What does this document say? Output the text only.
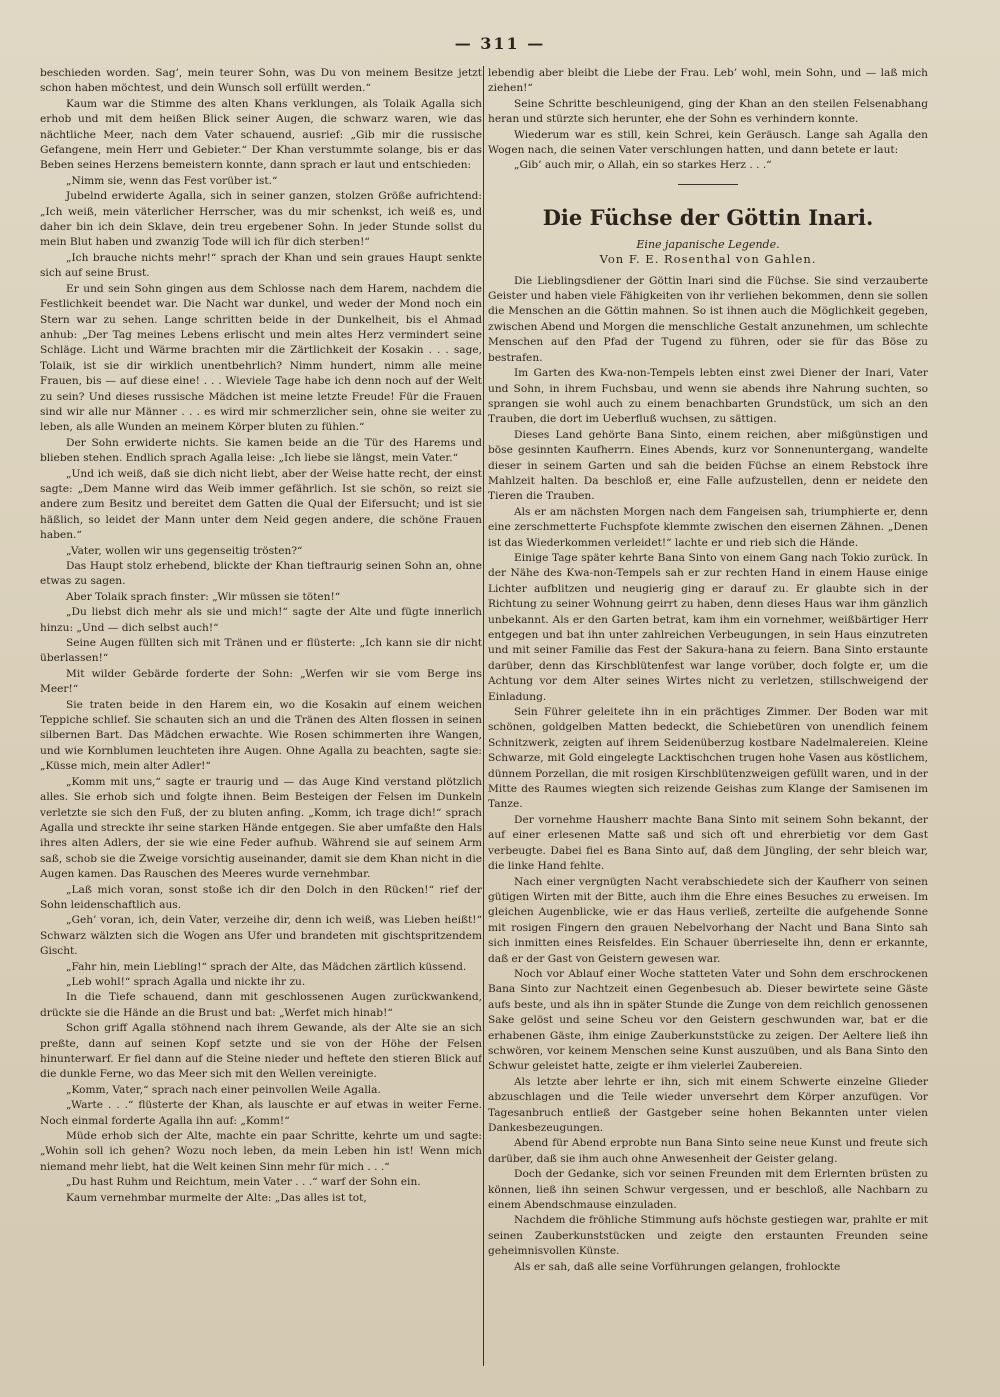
— 311 —

beschieden worden. Sag’, mein teurer Sohn, was Du von meinem Besitze jetzt schon haben möchtest, und dein Wunsch soll erfüllt werden.“

Kaum war die Stimme des alten Khans verklungen, als Tolaik Agalla sich erhob und mit dem heißen Blick seiner Augen, die schwarz waren, wie das nächtliche Meer, nach dem Vater schauend, ausrief: „Gib mir die russische Gefangene, mein Herr und Gebieter.“ Der Khan verstummte solange, bis er das Beben seines Herzens bemeistern konnte, dann sprach er laut und entschieden:

„Nimm sie, wenn das Fest vorüber ist.“

Jubelnd erwiderte Agalla, sich in seiner ganzen, stolzen Größe aufrichtend: „Ich weiß, mein väterlicher Herrscher, was du mir schenkst, ich weiß es, und daher bin ich dein Sklave, dein treu ergebener Sohn. In jeder Stunde sollst du mein Blut haben und zwanzig Tode will ich für dich sterben!“

„Ich brauche nichts mehr!“ sprach der Khan und sein graues Haupt senkte sich auf seine Brust.

Er und sein Sohn gingen aus dem Schlosse nach dem Harem, nachdem die Festlichkeit beendet war. Die Nacht war dunkel, und weder der Mond noch ein Stern war zu sehen. Lange schritten beide in der Dunkelheit, bis el Ahmad anhub: „Der Tag meines Lebens erlischt und mein altes Herz vermindert seine Schläge. Licht und Wärme brachten mir die Zärtlichkeit der Kosakin . . . sage, Tolaik, ist sie dir wirklich unentbehrlich? Nimm hundert, nimm alle meine Frauen, bis — auf diese eine! . . . Wieviele Tage habe ich denn noch auf der Welt zu sein? Und dieses russische Mädchen ist meine letzte Freude! Für die Frauen sind wir alle nur Männer . . . es wird mir schmerzlicher sein, ohne sie weiter zu leben, als alle Wunden an meinem Körper bluten zu fühlen.“

Der Sohn erwiderte nichts. Sie kamen beide an die Tür des Harems und blieben stehen. Endlich sprach Agalla leise: „Ich liebe sie längst, mein Vater.“

„Und ich weiß, daß sie dich nicht liebt, aber der Weise hatte recht, der einst sagte: „Dem Manne wird das Weib immer gefährlich. Ist sie schön, so reizt sie andere zum Besitz und bereitet dem Gatten die Qual der Eifersucht; und ist sie häßlich, so leidet der Mann unter dem Neid gegen andere, die schöne Frauen haben.“

„Vater, wollen wir uns gegenseitig trösten?“

Das Haupt stolz erhebend, blickte der Khan tieftraurig seinen Sohn an, ohne etwas zu sagen.

Aber Tolaik sprach finster: „Wir müssen sie töten!“

„Du liebst dich mehr als sie und mich!“ sagte der Alte und fügte innerlich hinzu: „Und — dich selbst auch!“

Seine Augen füllten sich mit Tränen und er flüsterte: „Ich kann sie dir nicht überlassen!“

Mit wilder Gebärde forderte der Sohn: „Werfen wir sie vom Berge ins Meer!“

Sie traten beide in den Harem ein, wo die Kosakin auf einem weichen Teppiche schlief. Sie schauten sich an und die Tränen des Alten flossen in seinen silbernen Bart. Das Mädchen erwachte. Wie Rosen schimmerten ihre Wangen, und wie Kornblumen leuchteten ihre Augen. Ohne Agalla zu beachten, sagte sie: „Küsse mich, mein alter Adler!“

„Komm mit uns,“ sagte er traurig und — das Auge Kind verstand plötzlich alles. Sie erhob sich und folgte ihnen. Beim Besteigen der Felsen im Dunkeln verletzte sie sich den Fuß, der zu bluten anfing. „Komm, ich trage dich!“ sprach Agalla und streckte ihr seine starken Hände entgegen. Sie aber umfaßte den Hals ihres alten Adlers, der sie wie eine Feder aufhub. Während sie auf seinem Arm saß, schob sie die Zweige vorsichtig auseinander, damit sie dem Khan nicht in die Augen kamen. Das Rauschen des Meeres wurde vernehmbar.

„Laß mich voran, sonst stoße ich dir den Dolch in den Rücken!“ rief der Sohn leidenschaftlich aus.

„Geh’ voran, ich, dein Vater, verzeihe dir, denn ich weiß, was Lieben heißt!“ Schwarz wälzten sich die Wogen ans Ufer und brandeten mit gischtspritzendem Gischt.

„Fahr hin, mein Liebling!“ sprach der Alte, das Mädchen zärtlich küssend.

„Leb wohl!“ sprach Agalla und nickte ihr zu.

In die Tiefe schauend, dann mit geschlossenen Augen zurückwankend, drückte sie die Hände an die Brust und bat: „Werfet mich hinab!“

Schon griff Agalla stöhnend nach ihrem Gewande, als der Alte sie an sich preßte, dann auf seinen Kopf setzte und sie von der Höhe der Felsen hinunterwarf. Er fiel dann auf die Steine nieder und heftete den stieren Blick auf die dunkle Ferne, wo das Meer sich mit den Wellen vereinigte.

„Komm, Vater,“ sprach nach einer peinvollen Weile Agalla.

„Warte . . .“ flüsterte der Khan, als lauschte er auf etwas in weiter Ferne. Noch einmal forderte Agalla ihn auf: „Komm!“

Müde erhob sich der Alte, machte ein paar Schritte, kehrte um und sagte: „Wohin soll ich gehen? Wozu noch leben, da mein Leben hin ist! Wenn mich niemand mehr liebt, hat die Welt keinen Sinn mehr für mich . . .“

„Du hast Ruhm und Reichtum, mein Vater . . .“ warf der Sohn ein.

Kaum vernehmbar murmelte der Alte: „Das alles ist tot,

lebendig aber bleibt die Liebe der Frau. Leb’ wohl, mein Sohn, und — laß mich ziehen!“

Seine Schritte beschleunigend, ging der Khan an den steilen Felsenabhang heran und stürzte sich herunter, ehe der Sohn es verhindern konnte.

Wiederum war es still, kein Schrei, kein Geräusch. Lange sah Agalla den Wogen nach, die seinen Vater verschlungen hatten, und dann betete er laut:

„Gib’ auch mir, o Allah, ein so starkes Herz . . .“

Die Füchse der Göttin Inari.
Eine japanische Legende.
Von F. E. Rosenthal von Gahlen.

Die Lieblingsdiener der Göttin Inari sind die Füchse. Sie sind verzauberte Geister und haben viele Fähigkeiten von ihr verliehen bekommen, denn sie sollen die Menschen an die Göttin mahnen. So ist ihnen auch die Möglichkeit gegeben, zwischen Abend und Morgen die menschliche Gestalt anzunehmen, um schlechte Menschen auf den Pfad der Tugend zu führen, oder sie für das Böse zu bestrafen.

Im Garten des Kwa-non-Tempels lebten einst zwei Diener der Inari, Vater und Sohn, in ihrem Fuchsbau, und wenn sie abends ihre Nahrung suchten, so sprangen sie wohl auch zu einem benachbarten Grundstück, um sich an den Trauben, die dort im Ueberfluß wuchsen, zu sättigen.

Dieses Land gehörte Bana Sinto, einem reichen, aber mißgünstigen und böse gesinnten Kaufherrn. Eines Abends, kurz vor Sonnenuntergang, wandelte dieser in seinem Garten und sah die beiden Füchse an einem Rebstock ihre Mahlzeit halten. Da beschloß er, eine Falle aufzustellen, denn er neidete den Tieren die Trauben.

Als er am nächsten Morgen nach dem Fangeisen sah, triumphierte er, denn eine zerschmetterte Fuchspfote klemmte zwischen den eisernen Zähnen. „Denen ist das Wiederkommen verleidet!“ lachte er und rieb sich die Hände.

Einige Tage später kehrte Bana Sinto von einem Gang nach Tokio zurück. In der Nähe des Kwa-non-Tempels sah er zur rechten Hand in einem Hause einige Lichter aufblitzen und neugierig ging er darauf zu. Er glaubte sich in der Richtung zu seiner Wohnung geirrt zu haben, denn dieses Haus war ihm gänzlich unbekannt. Als er den Garten betrat, kam ihm ein vornehmer, weißbärtiger Herr entgegen und bat ihn unter zahlreichen Verbeugungen, in sein Haus einzutreten und mit seiner Familie das Fest der Sakura-hana zu feiern. Bana Sinto erstaunte darüber, denn das Kirschblütenfest war lange vorüber, doch folgte er, um die Achtung vor dem Alter seines Wirtes nicht zu verletzen, stillschweigend der Einladung.

Sein Führer geleitete ihn in ein prächtiges Zimmer. Der Boden war mit schönen, goldgelben Matten bedeckt, die Schiebetüren von unendlich feinem Schnitzwerk, zeigten auf ihrem Seidenüberzug kostbare Nadelmalereien. Kleine Schwarze, mit Gold eingelegte Lacktischchen trugen hohe Vasen aus köstlichem, dünnem Porzellan, die mit rosigen Kirschblütenzweigen gefüllt waren, und in der Mitte des Raumes wiegten sich reizende Geishas zum Klange der Samisenen im Tanze.

Der vornehme Hausherr machte Bana Sinto mit seinem Sohn bekannt, der auf einer erlesenen Matte saß und sich oft und ehrerbietig vor dem Gast verbeugte. Dabei fiel es Bana Sinto auf, daß dem Jüngling, der sehr bleich war, die linke Hand fehlte.

Nach einer vergnügten Nacht verabschiedete sich der Kaufherr von seinen gütigen Wirten mit der Bitte, auch ihm die Ehre eines Besuches zu erweisen. Im gleichen Augenblicke, wie er das Haus verließ, zerteilte die aufgehende Sonne mit rosigen Fingern den grauen Nebelvorhang der Nacht und Bana Sinto sah sich inmitten eines Reisfeldes. Ein Schauer überrieselte ihn, denn er erkannte, daß er der Gast von Geistern gewesen war.

Noch vor Ablauf einer Woche statteten Vater und Sohn dem erschrockenen Bana Sinto zur Nachtzeit einen Gegenbesuch ab. Dieser bewirtete seine Gäste aufs beste, und als ihn in später Stunde die Zunge von dem reichlich genossenen Sake gelöst und seine Scheu vor den Geistern geschwunden war, bat er die erhabenen Gäste, ihm einige Zauberkunststücke zu zeigen. Der Aeltere ließ ihn schwören, vor keinem Menschen seine Kunst auszuüben, und als Bana Sinto den Schwur geleistet hatte, zeigte er ihm vielerlei Zaubereien.

Als letzte aber lehrte er ihn, sich mit einem Schwerte einzelne Glieder abzuschlagen und die Teile wieder unversehrt dem Körper anzufügen. Vor Tagesanbruch entließ der Gastgeber seine hohen Bekannten unter vielen Dankesbezeugungen.

Abend für Abend erprobte nun Bana Sinto seine neue Kunst und freute sich darüber, daß sie ihm auch ohne Anwesenheit der Geister gelang.

Doch der Gedanke, sich vor seinen Freunden mit dem Erlernten brüsten zu können, ließ ihn seinen Schwur vergessen, und er beschloß, alle Nachbarn zu einem Abendschmause einzuladen.

Nachdem die fröhliche Stimmung aufs höchste gestiegen war, prahlte er mit seinen Zauberkunststücken und zeigte den erstaunten Freunden seine geheimnisvollen Künste.

Als er sah, daß alle seine Vorführungen gelangen, frohlockte
